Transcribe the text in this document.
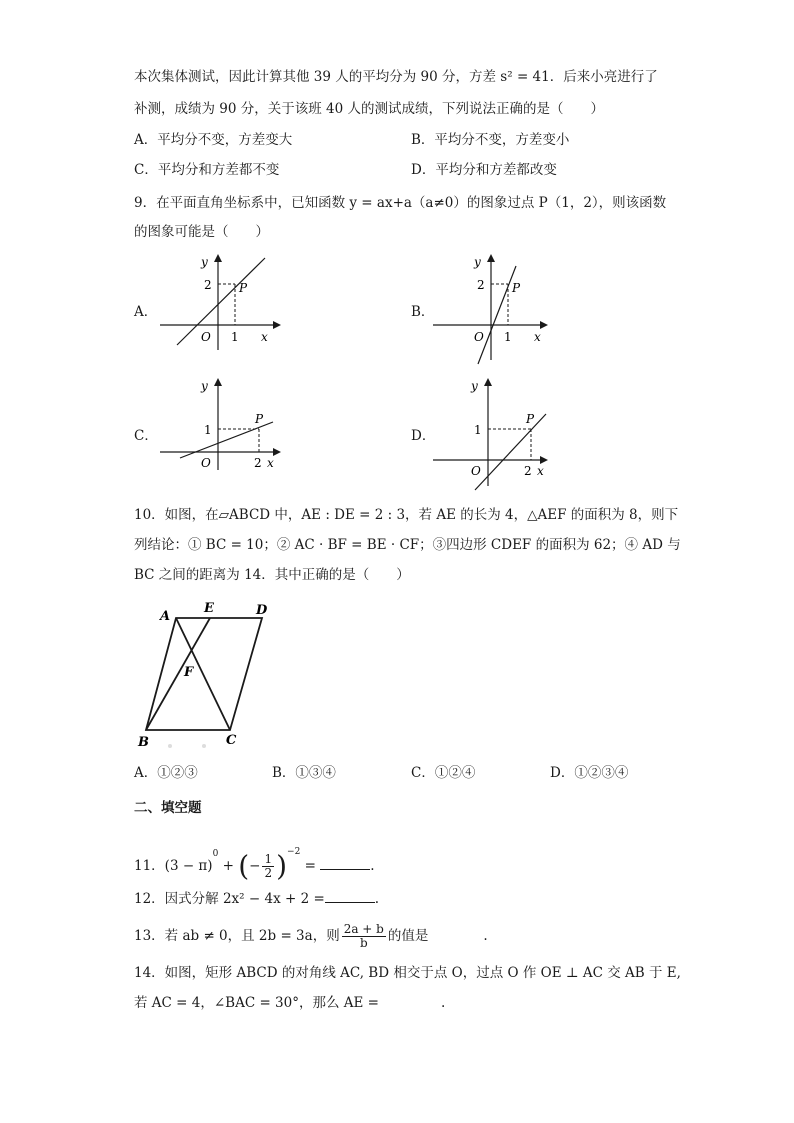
本次集体测试，因此计算其他 39 人的平均分为 90 分，方差 s² = 41．后来小亮进行了
补测，成绩为 90 分，关于该班 40 人的测试成绩，下列说法正确的是（　　）
A．平均分不变，方差变大	B．平均分不变，方差变小
C．平均分和方差都不变	D．平均分和方差都改变
9．在平面直角坐标系中，已知函数 y = ax+a（a≠0）的图象过点 P（1，2），则该函数
的图象可能是（　　）
A．
y
2 P
O 1 x
B．
y
2 P
O 1 x
C．
y
1
P
O	2 x
D．
y
1
P
O	2 x
10．如图，在▱ABCD 中，AE : DE = 2 : 3，若 AE 的长为 4，△AEF 的面积为 8，则下
列结论：① BC = 10；② AC · BF = BE · CF；③四边形 CDEF 的面积为 62；④ AD 与
BC 之间的距离为 14．其中正确的是（　　）
A
E	D
F
B	C
A．①②③	B．①③④	C．①②④	D．①②③④
二、填空题
11．$(3 - \pi)^0$ + (− $\frac{1}{2} )^{-2}$ =	.
12．因式分解 2x² − 4x + 2 =	.
13．若 ab ≠ 0，且 2b = 3a，则 $\frac{2a + b}{b}$ 的值是	.
14．如图，矩形 ABCD 的对角线 AC, BD 相交于点 O，过点 O 作 OE ⊥ AC 交 AB 于 E,
若 AC = 4，∠BAC = 30°，那么 AE =	.
